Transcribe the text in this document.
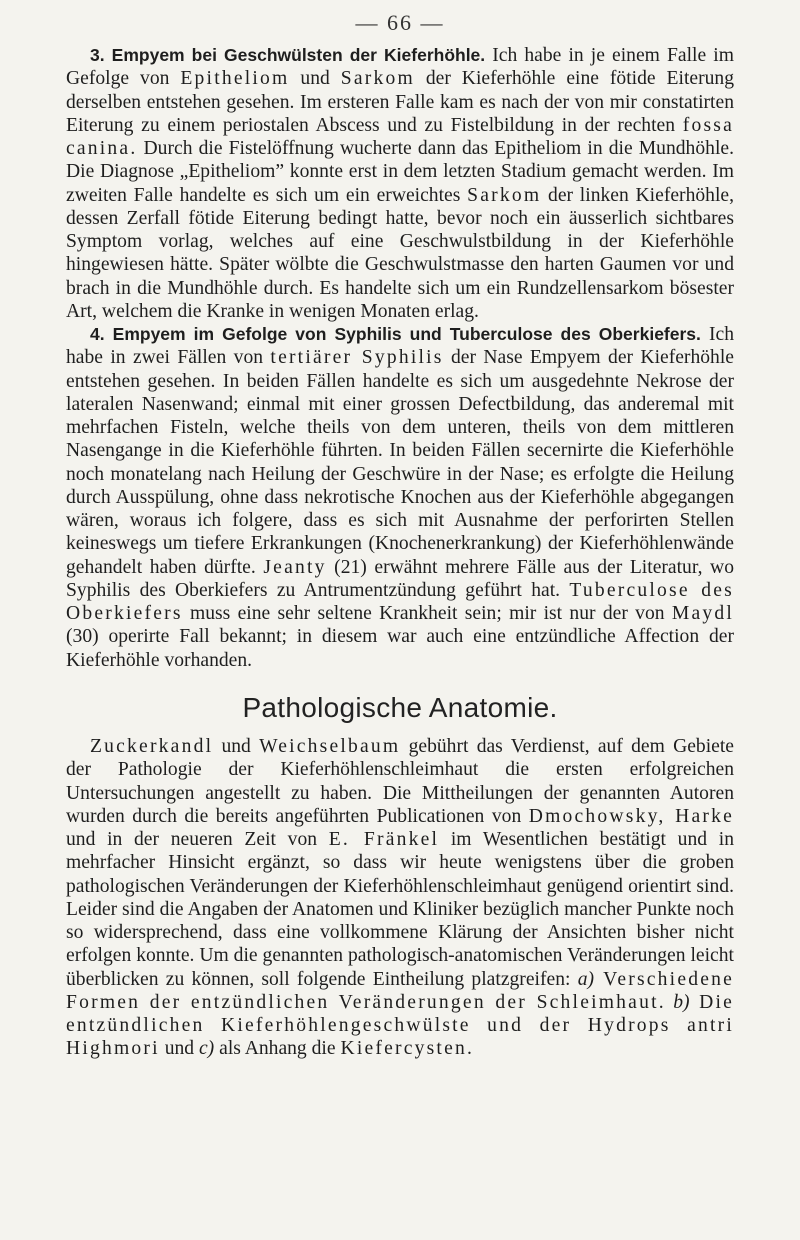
— 66 —

3. Empyem bei Geschwülsten der Kieferhöhle. Ich habe in je einem Falle im Gefolge von Epitheliom und Sarkom der Kieferhöhle eine fötide Eiterung derselben entstehen gesehen. Im ersteren Falle kam es nach der von mir constatirten Eiterung zu einem periostalen Abscess und zu Fistelbildung in der rechten fossa canina. Durch die Fistelöffnung wucherte dann das Epitheliom in die Mundhöhle. Die Diagnose „Epitheliom” konnte erst in dem letzten Stadium gemacht werden. Im zweiten Falle handelte es sich um ein erweichtes Sarkom der linken Kieferhöhle, dessen Zerfall fötide Eiterung bedingt hatte, bevor noch ein äusserlich sichtbares Symptom vorlag, welches auf eine Geschwulstbildung in der Kieferhöhle hingewiesen hätte. Später wölbte die Geschwulstmasse den harten Gaumen vor und brach in die Mundhöhle durch. Es handelte sich um ein Rundzellensarkom bösester Art, welchem die Kranke in wenigen Monaten erlag.

4. Empyem im Gefolge von Syphilis und Tuberculose des Oberkiefers. Ich habe in zwei Fällen von tertiärer Syphilis der Nase Empyem der Kieferhöhle entstehen gesehen. In beiden Fällen handelte es sich um ausgedehnte Nekrose der lateralen Nasenwand; einmal mit einer grossen Defectbildung, das anderemal mit mehrfachen Fisteln, welche theils von dem unteren, theils von dem mittleren Nasengange in die Kieferhöhle führten. In beiden Fällen secernirte die Kieferhöhle noch monatelang nach Heilung der Geschwüre in der Nase; es erfolgte die Heilung durch Ausspülung, ohne dass nekrotische Knochen aus der Kieferhöhle abgegangen wären, woraus ich folgere, dass es sich mit Ausnahme der perforirten Stellen keineswegs um tiefere Erkrankungen (Knochenerkrankung) der Kieferhöhlenwände gehandelt haben dürfte. Jeanty (21) erwähnt mehrere Fälle aus der Literatur, wo Syphilis des Oberkiefers zu Antrumentzündung geführt hat. Tuberculose des Oberkiefers muss eine sehr seltene Krankheit sein; mir ist nur der von Maydl (30) operirte Fall bekannt; in diesem war auch eine entzündliche Affection der Kieferhöhle vorhanden.

Pathologische Anatomie.

Zuckerkandl und Weichselbaum gebührt das Verdienst, auf dem Gebiete der Pathologie der Kieferhöhlenschleimhaut die ersten erfolgreichen Untersuchungen angestellt zu haben. Die Mittheilungen der genannten Autoren wurden durch die bereits angeführten Publicationen von Dmochowsky, Harke und in der neueren Zeit von E. Fränkel im Wesentlichen bestätigt und in mehrfacher Hinsicht ergänzt, so dass wir heute wenigstens über die groben pathologischen Veränderungen der Kieferhöhlenschleimhaut genügend orientirt sind. Leider sind die Angaben der Anatomen und Kliniker bezüglich mancher Punkte noch so widersprechend, dass eine vollkommene Klärung der Ansichten bisher nicht erfolgen konnte. Um die genannten pathologisch-anatomischen Veränderungen leicht überblicken zu können, soll folgende Eintheilung platzgreifen: a) Verschiedene Formen der entzündlichen Veränderungen der Schleimhaut. b) Die entzündlichen Kieferhöhlengeschwülste und der Hydrops antri Highmori und c) als Anhang die Kiefercysten.
